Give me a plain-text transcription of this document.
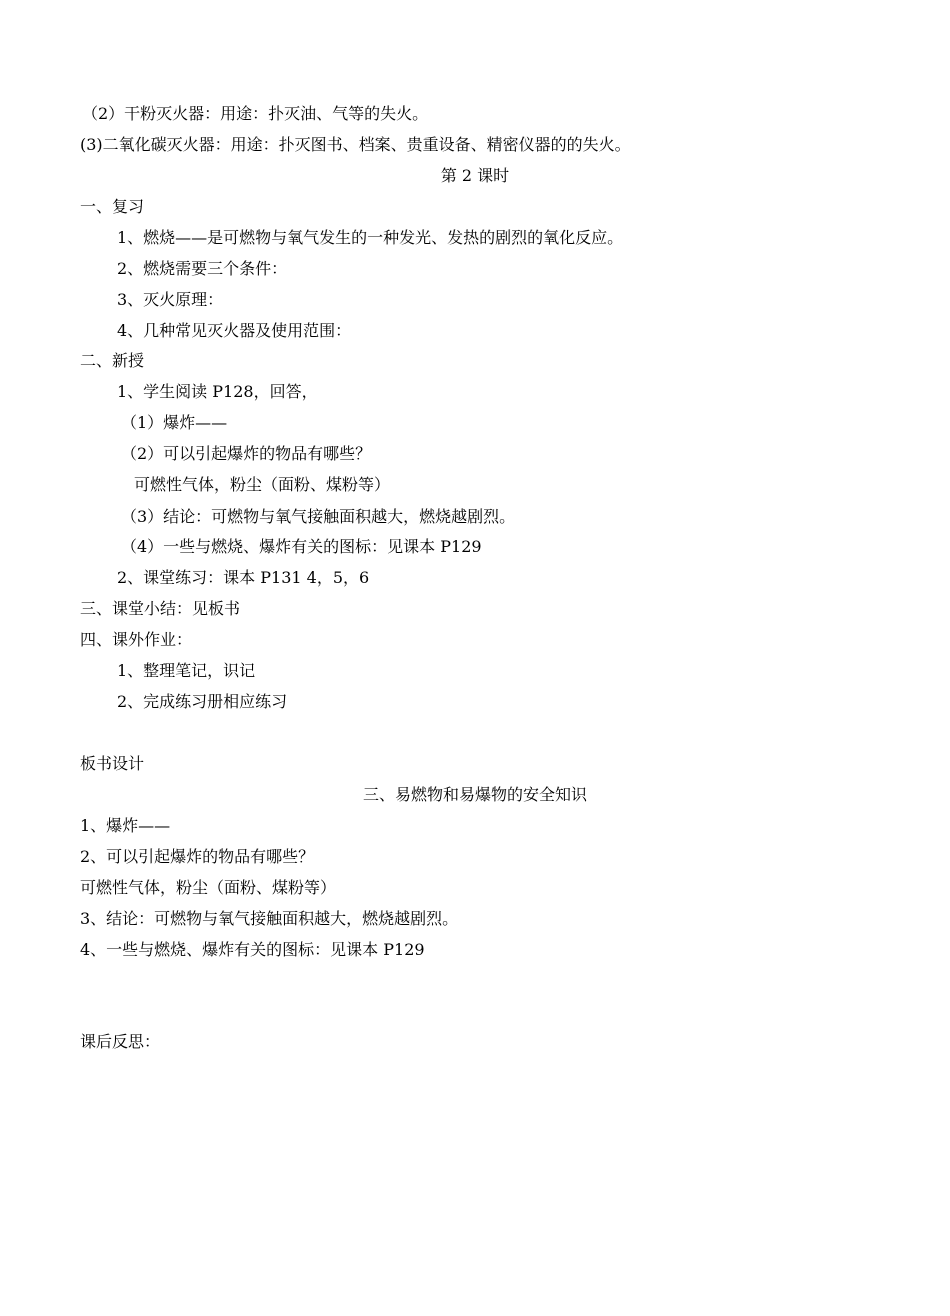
（2）干粉灭火器：用途：扑灭油、气等的失火。
(3)二氧化碳灭火器：用途：扑灭图书、档案、贵重设备、精密仪器的的失火。
第 2 课时
一、复习
1、燃烧——是可燃物与氧气发生的一种发光、发热的剧烈的氧化反应。
2、燃烧需要三个条件：
3、灭火原理：
4、几种常见灭火器及使用范围：
二、新授
1、学生阅读 P128，回答，
（1）爆炸——
（2）可以引起爆炸的物品有哪些？
可燃性气体，粉尘（面粉、煤粉等）
（3）结论：可燃物与氧气接触面积越大，燃烧越剧烈。
（4）一些与燃烧、爆炸有关的图标：见课本 P129
2、课堂练习：课本 P131 4，5，6
三、课堂小结：见板书
四、课外作业：
1、整理笔记，识记
2、完成练习册相应练习
板书设计
三、易燃物和易爆物的安全知识
1、爆炸——
2、可以引起爆炸的物品有哪些？
可燃性气体，粉尘（面粉、煤粉等）
3、结论：可燃物与氧气接触面积越大，燃烧越剧烈。
4、一些与燃烧、爆炸有关的图标：见课本 P129
课后反思：
